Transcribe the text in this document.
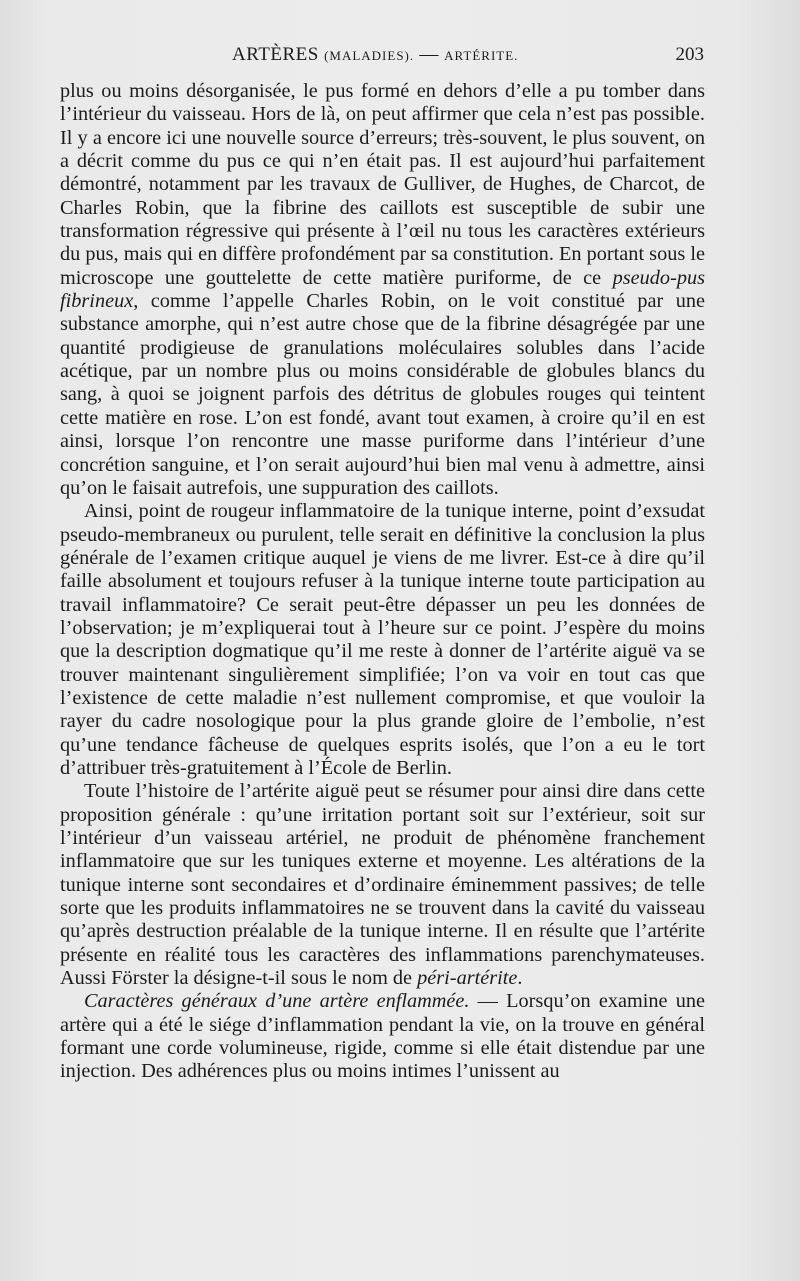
ARTÈRES (MALADIES). — ARTÉRITE.	203

plus ou moins désorganisée, le pus formé en dehors d’elle a pu tomber dans l’intérieur du vaisseau. Hors de là, on peut affirmer que cela n’est pas possible. Il y a encore ici une nouvelle source d’erreurs; très-souvent, le plus souvent, on a décrit comme du pus ce qui n’en était pas. Il est aujourd’hui parfaitement démontré, notamment par les travaux de Gulliver, de Hughes, de Charcot, de Charles Robin, que la fibrine des caillots est susceptible de subir une transformation régressive qui présente à l’œil nu tous les caractères extérieurs du pus, mais qui en diffère profondément par sa constitution. En portant sous le microscope une gouttelette de cette matière puriforme, de ce pseudo-pus fibrineux, comme l’appelle Charles Robin, on le voit constitué par une substance amorphe, qui n’est autre chose que de la fibrine désagrégée par une quantité prodigieuse de granulations moléculaires solubles dans l’acide acétique, par un nombre plus ou moins considérable de globules blancs du sang, à quoi se joignent parfois des détritus de globules rouges qui teintent cette matière en rose. L’on est fondé, avant tout examen, à croire qu’il en est ainsi, lorsque l’on rencontre une masse puriforme dans l’intérieur d’une concrétion sanguine, et l’on serait aujourd’hui bien mal venu à admettre, ainsi qu’on le faisait autrefois, une suppuration des caillots.

Ainsi, point de rougeur inflammatoire de la tunique interne, point d’exsudat pseudo-membraneux ou purulent, telle serait en définitive la conclusion la plus générale de l’examen critique auquel je viens de me livrer. Est-ce à dire qu’il faille absolument et toujours refuser à la tunique interne toute participation au travail inflammatoire? Ce serait peut-être dépasser un peu les données de l’observation; je m’expliquerai tout à l’heure sur ce point. J’espère du moins que la description dogmatique qu’il me reste à donner de l’artérite aiguë va se trouver maintenant singulièrement simplifiée; l’on va voir en tout cas que l’existence de cette maladie n’est nullement compromise, et que vouloir la rayer du cadre nosologique pour la plus grande gloire de l’embolie, n’est qu’une tendance fâcheuse de quelques esprits isolés, que l’on a eu le tort d’attribuer très-gratuitement à l’École de Berlin.

Toute l’histoire de l’artérite aiguë peut se résumer pour ainsi dire dans cette proposition générale : qu’une irritation portant soit sur l’extérieur, soit sur l’intérieur d’un vaisseau artériel, ne produit de phénomène franchement inflammatoire que sur les tuniques externe et moyenne. Les altérations de la tunique interne sont secondaires et d’ordinaire éminemment passives; de telle sorte que les produits inflammatoires ne se trouvent dans la cavité du vaisseau qu’après destruction préalable de la tunique interne. Il en résulte que l’artérite présente en réalité tous les caractères des inflammations parenchymateuses. Aussi Förster la désigne-t-il sous le nom de péri-artérite.

Caractères généraux d’une artère enflammée. — Lorsqu’on examine une artère qui a été le siége d’inflammation pendant la vie, on la trouve en général formant une corde volumineuse, rigide, comme si elle était distendue par une injection. Des adhérences plus ou moins intimes l’unissent au
